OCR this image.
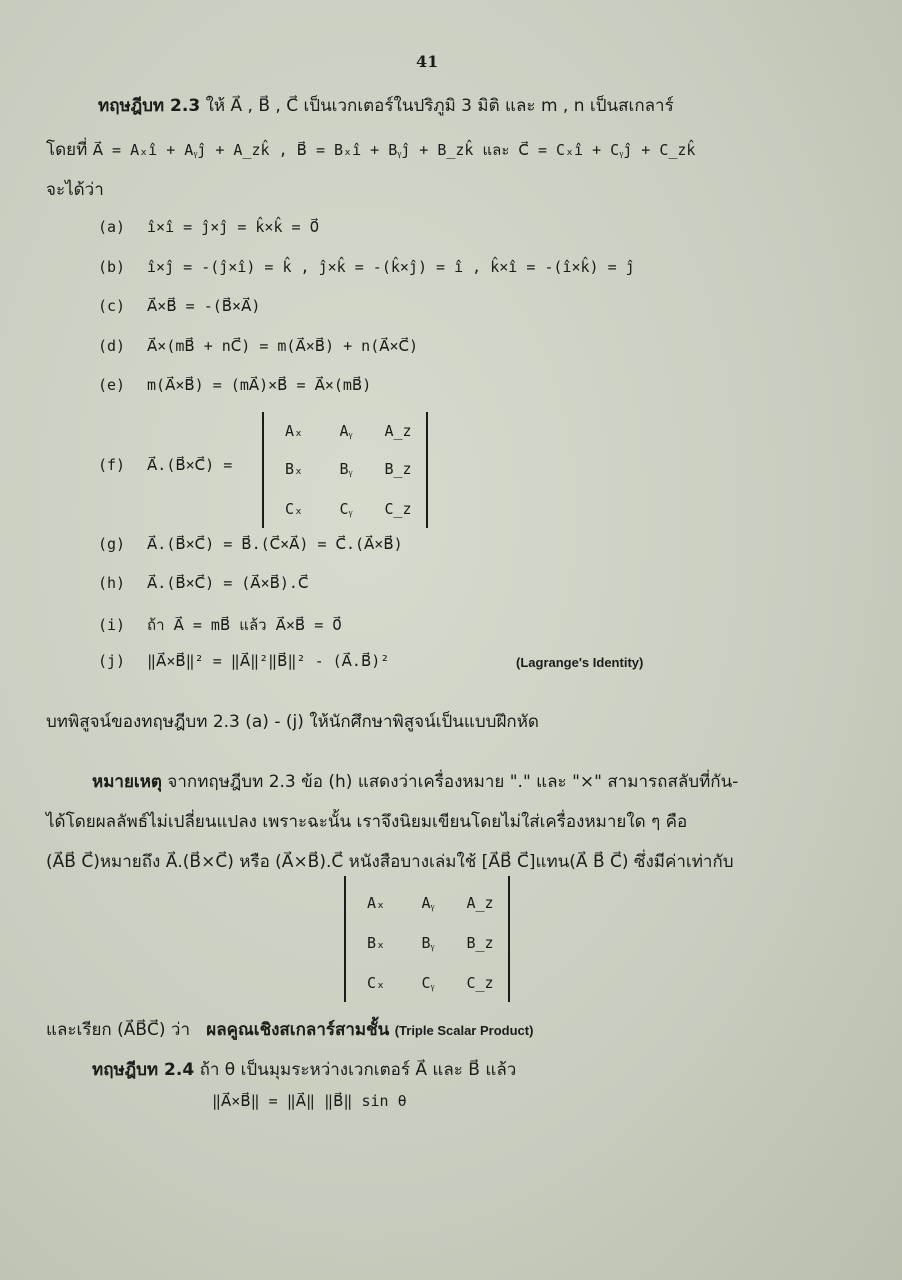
41
ทฤษฎีบท 2.3 ให้ A⃗ , B⃗ , C⃗ เป็นเวกเตอร์ในปริภูมิ 3 มิติ และ m , n เป็นสเกลาร์
โดยที่ A⃗ = Aₓî + Aᵧĵ + A_zk̂ , B⃗ = Bₓî + Bᵧĵ + B_zk̂ และ C⃗ = Cₓî + Cᵧĵ + C_zk̂
จะได้ว่า
(a) î×î = ĵ×ĵ = k̂×k̂ = 0⃗
(b) î×ĵ = -(ĵ×î) = k̂ , ĵ×k̂ = -(k̂×ĵ) = î , k̂×î = -(î×k̂) = ĵ
(c) A⃗×B⃗ = -(B⃗×A⃗)
(d) A⃗×(mB⃗ + nC⃗) = m(A⃗×B⃗) + n(A⃗×C⃗)
(e) m(A⃗×B⃗) = (mA⃗)×B⃗ = A⃗×(mB⃗)
(f) A⃗.(B⃗×C⃗) =
Aₓ	Aᵧ	A_z
Bₓ	Bᵧ	B_z
Cₓ	Cᵧ	C_z
(g) A⃗.(B⃗×C⃗) = B⃗.(C⃗×A⃗) = C⃗.(A⃗×B⃗)
(h) A⃗.(B⃗×C⃗) = (A⃗×B⃗).C⃗
(i) ถ้า A⃗ = mB⃗ แล้ว A⃗×B⃗ = 0⃗
(j) ‖A⃗×B⃗‖² = ‖A⃗‖²‖B⃗‖² - (A⃗.B⃗)²	(Lagrange's Identity)
บทพิสูจน์ของทฤษฎีบท 2.3 (a) - (j) ให้นักศึกษาพิสูจน์เป็นแบบฝึกหัด
หมายเหตุ จากทฤษฎีบท 2.3 ข้อ (h) แสดงว่าเครื่องหมาย "." และ "×" สามารถสลับที่กัน-
ได้โดยผลลัพธ์ไม่เปลี่ยนแปลง เพราะฉะนั้น เราจึงนิยมเขียนโดยไม่ใส่เครื่องหมายใด ๆ คือ
(A⃗B⃗ C⃗)หมายถึง A⃗.(B⃗×C⃗) หรือ (A⃗×B⃗).C⃗ หนังสือบางเล่มใช้ [A⃗B⃗ C⃗]แทน(A⃗ B⃗ C⃗) ซึ่งมีค่าเท่ากับ
Aₓ	Aᵧ	A_z
Bₓ	Bᵧ	B_z
Cₓ	Cᵧ	C_z
และเรียก (A⃗B⃗C⃗) ว่า ผลคูณเชิงสเกลาร์สามชั้น (Triple Scalar Product)
ทฤษฎีบท 2.4 ถ้า θ เป็นมุมระหว่างเวกเตอร์ A⃗ และ B⃗ แล้ว
‖A⃗×B⃗‖ = ‖A⃗‖ ‖B⃗‖ sin θ
